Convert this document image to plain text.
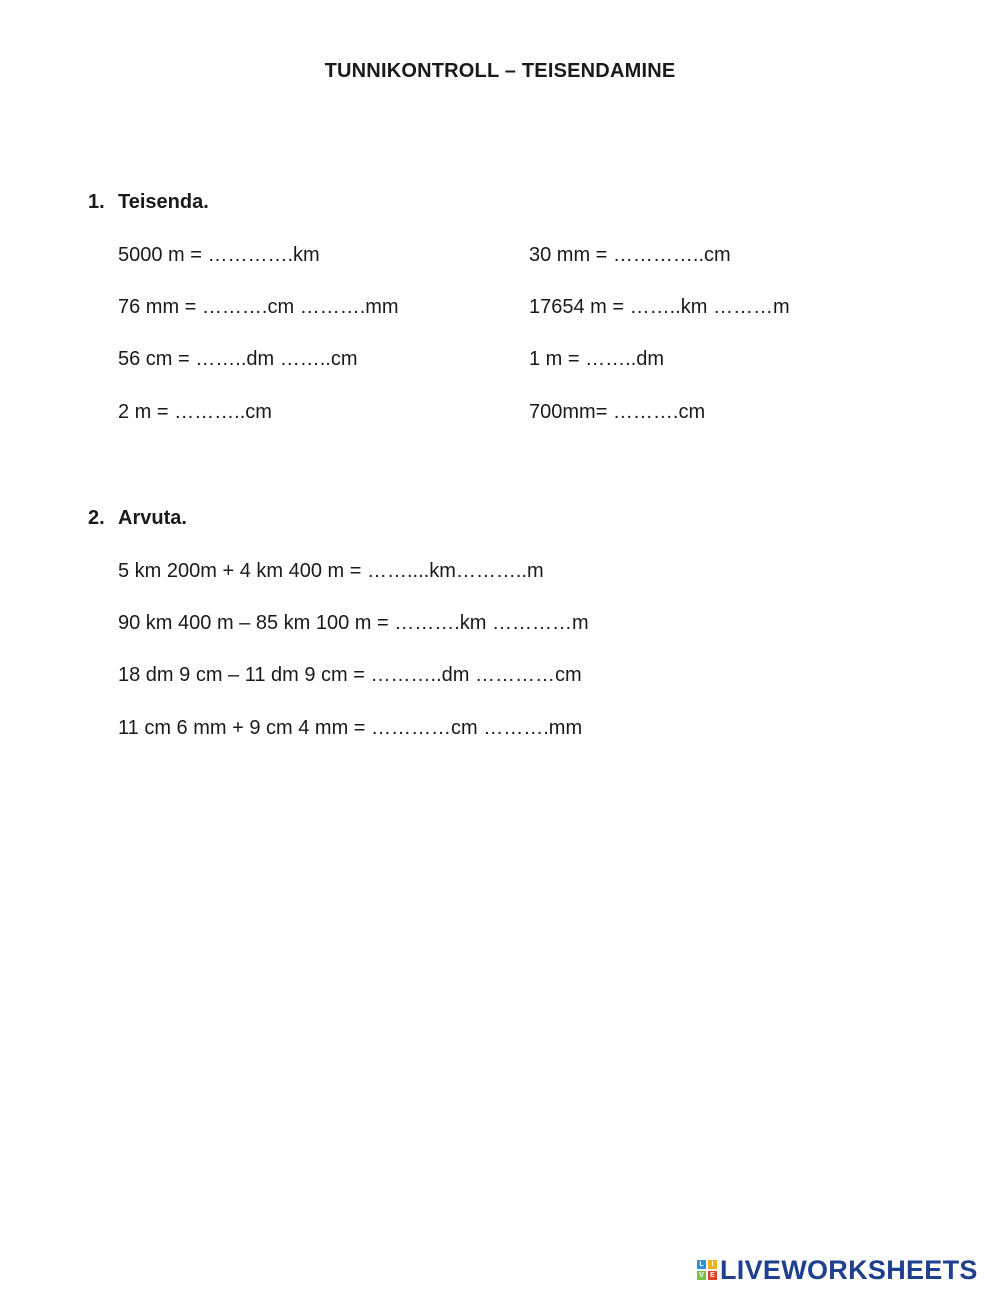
TUNNIKONTROLL – TEISENDAMINE
1. Teisenda.
5000 m = ………….km
76 mm = ……….cm ……….mm
56 cm = ……..dm ……..cm
2 m = ………..cm
30 mm = …………..cm
17654 m = ……..km ………m
1 m = ……..dm
700mm= ……….cm
2. Arvuta.
5 km 200m + 4 km 400 m = ……....km………..m
90 km 400 m – 85 km 100 m = ……….km …………m
18 dm 9 cm – 11 dm 9 cm = ………..dm …………cm
11 cm 6 mm + 9 cm 4 mm = …………cm ……….mm
L	I
V E LIVEWORKSHEETS
